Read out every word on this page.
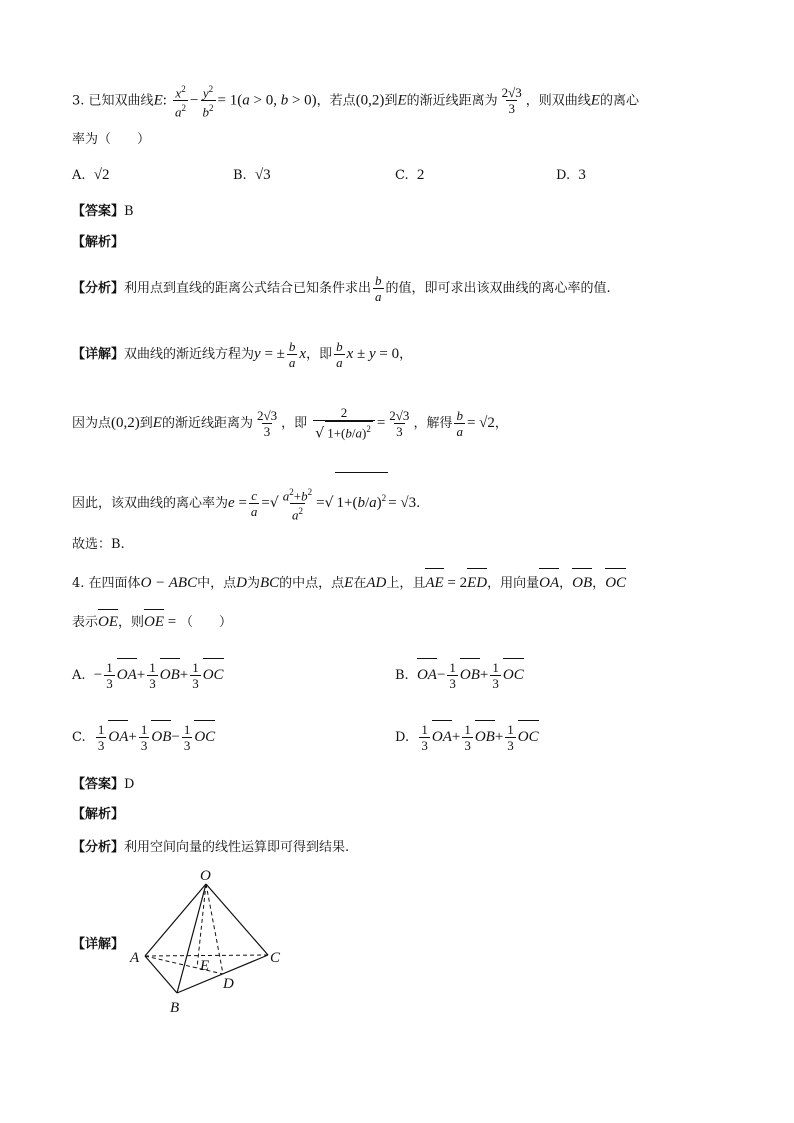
3. 已知双曲线E: $\frac{x^2}{a^2} - \frac{y^2}{b^2} = 1(a > 0$, b > 0)，若点(0,2)到E的渐近线距离为 $\frac{2√3}{3}$ ，则双曲线E的离心
率为（　　）
A. √2	B. √3	C. 2	D. 3
【答案】B
【解析】
【分析】利用点到直线的距离公式结合已知条件求出 $\frac{b}{a}$ 的值，即可求出该双曲线的离心率的值.
【详解】双曲线的渐近线方程为y = ± $\frac{b}{a}$ x，即 $\frac{b}{a}$ x ± y = 0，
因为点(0,2)到E的渐近线距离为 $\frac{2√3}{3}$ ，即 $\frac{2}{√ 1+(b/a)^2} = \frac{2√3}{3}$ ，解得 $\frac{b}{a} = √2$，
因此，该双曲线的离心率为$e = \frac{c}{a}$ =√ $\frac{a^2+b^2}{a^2}$ =√ $1+(b/a)^2 = √3$.
故选：B.
4. 在四面体O − ABC中，点D为BC的中点，点E在AD上，且AE = 2ED，用向量OA，OB，OC
表示OE，则OE = （　　）
A. − $\frac{1}{3} OA+ \frac{1}{3} OB+ \frac{1}{3}$ OC	B. $OA- \frac{1}{3} OB+ \frac{1}{3}$ OC
C. $\frac{1}{3} OA+ \frac{1}{3} OB- \frac{1}{3}$ OC	D. $\frac{1}{3} OA+ \frac{1}{3} OB+ \frac{1}{3}$ OC
【答案】D
【解析】
【分析】利用空间向量的线性运算即可得到结果.
【详解】
O
A
B
C
D
E
